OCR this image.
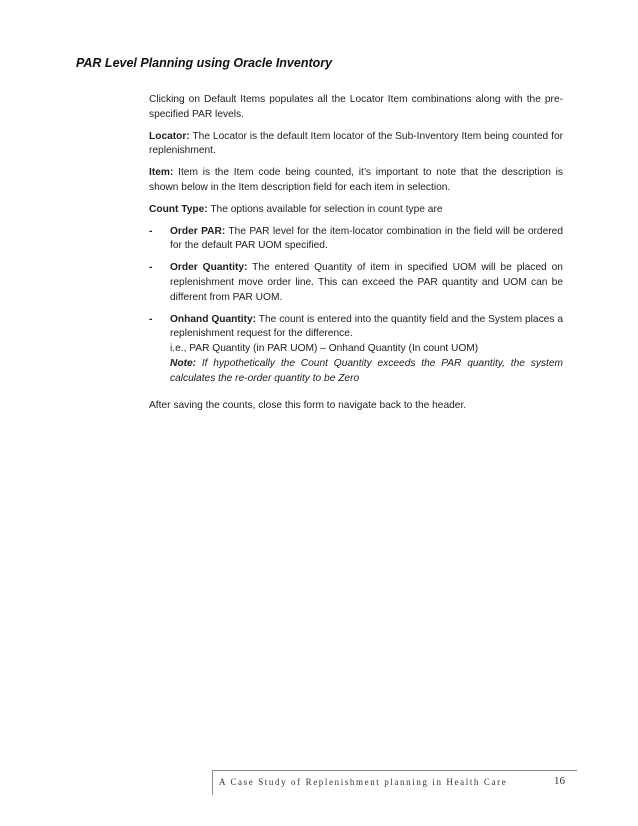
PAR Level Planning using Oracle Inventory

Clicking on Default Items populates all the Locator Item combinations along with the pre-specified PAR levels.

Locator: The Locator is the default Item locator of the Sub-Inventory Item being counted for replenishment.

Item: Item is the Item code being counted, it’s important to note that the description is shown below in the Item description field for each item in selection.

Count Type: The options available for selection in count type are

- Order PAR: The PAR level for the item-locator combination in the field will be ordered for the default PAR UOM specified.
- Order Quantity: The entered Quantity of item in specified UOM will be placed on replenishment move order line. This can exceed the PAR quantity and UOM can be different from PAR UOM.
- Onhand Quantity: The count is entered into the quantity field and the System places a replenishment request for the difference.
i.e., PAR Quantity (in PAR UOM) – Onhand Quantity (In count UOM)
Note: If hypothetically the Count Quantity exceeds the PAR quantity, the system calculates the re-order quantity to be Zero

After saving the counts, close this form to navigate back to the header.

A Case Study of Replenishment planning in Health Care	16
